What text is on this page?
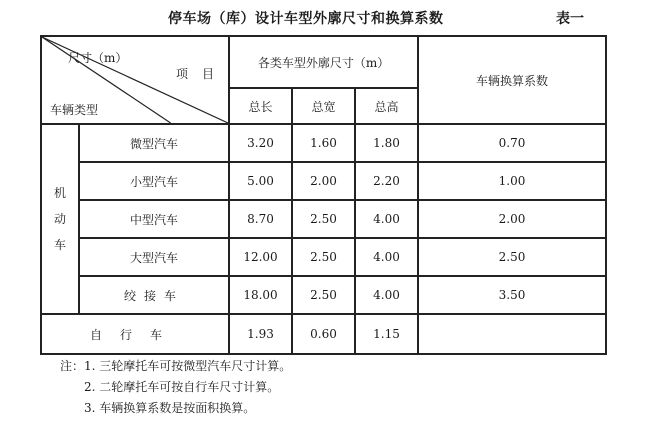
停车场（库）设计车型外廓尺寸和换算系数	表一
尺寸（m）
项目
车辆类型		各类车型外廓尺寸（m）			车辆换算系数
		总长	总宽	总高	

机
动
车	微型汽车	3.20	1.60	1.80	0.70
	小型汽车	5.00	2.00	2.20	1.00
	中型汽车	8.70	2.50	4.00	2.00
	大型汽车	12.00	2.50	4.00	2.50
	绞接车	18.00	2.50	4.00	3.50
自行车		1.93	0.60	1.15	
注：1. 三轮摩托车可按微型汽车尺寸计算。
2. 二轮摩托车可按自行车尺寸计算。
3. 车辆换算系数是按面积换算。
